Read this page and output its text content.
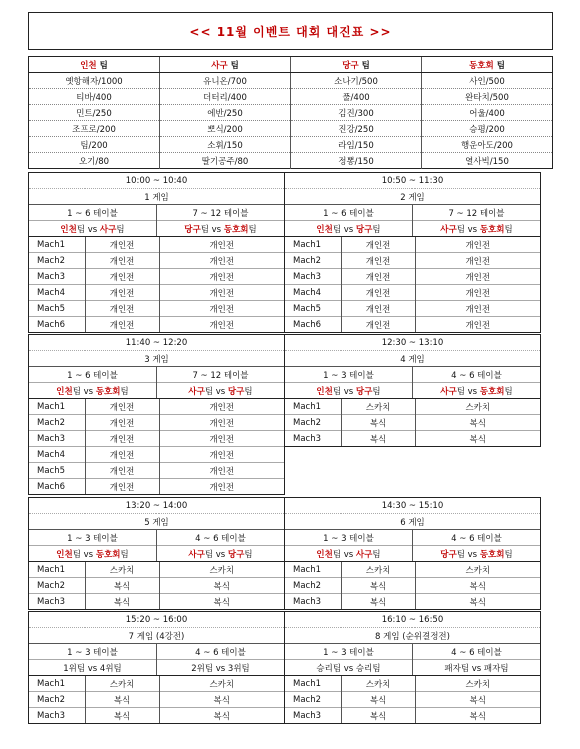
<< 11월 이벤트 대회 대진표 >>
인천 팀	사구 팀	당구 팀	동호회 팀
옛항해자/1000	유니온/700	소나기/500	사인/500
티바/400	더터리/400	풀/400	완타치/500
민트/250	에반/250	김진/300	어울/400
조프로/200	뽀식/200	진강/250	승평/200
팀/200	소휘/150	라임/150	행운아도/200
오기/80	딸기공주/80	정뽕/150	열사빅/150
10:00 ~ 10:40			
1 게임			
1 ~ 6 테이블		7 ~ 12 테이블	
인천팀 vs 사구팀		당구팀 vs 동호회팀	
Mach1	개인전		개인전
Mach2	개인전		개인전
Mach3	개인전		개인전
Mach4	개인전		개인전
Mach5	개인전		개인전
Mach6	개인전		개인전
10:50 ~ 11:30			
2 게임			
1 ~ 6 테이블		7 ~ 12 테이블	
인천팀 vs 당구팀		사구팀 vs 동호회팀	
Mach1	개인전		개인전
Mach2	개인전		개인전
Mach3	개인전		개인전
Mach4	개인전		개인전
Mach5	개인전		개인전
Mach6	개인전		개인전
11:40 ~ 12:20			
3 게임			
1 ~ 6 테이블		7 ~ 12 테이블	
인천팀 vs 동호회팀		사구팀 vs 당구팀	
Mach1	개인전		개인전
Mach2	개인전		개인전
Mach3	개인전		개인전
Mach4	개인전		개인전
Mach5	개인전		개인전
Mach6	개인전		개인전
12:30 ~ 13:10			
4 게임			
1 ~ 3 테이블		4 ~ 6 테이블	
인천팀 vs 당구팀		사구팀 vs 동호회팀	
Mach1	스카치		스카치
Mach2	복식		복식
Mach3	복식		복식
13:20 ~ 14:00			
5 게임			
1 ~ 3 테이블		4 ~ 6 테이블	
인천팀 vs 동호회팀		사구팀 vs 당구팀	
Mach1	스카치		스카치
Mach2	복식		복식
Mach3	복식		복식
14:30 ~ 15:10			
6 게임			
1 ~ 3 테이블		4 ~ 6 테이블	
인천팀 vs 사구팀		당구팀 vs 동호회팀	
Mach1	스카치		스카치
Mach2	복식		복식
Mach3	복식		복식
15:20 ~ 16:00			
7 게임 (4강전)			
1 ~ 3 테이블		4 ~ 6 테이블	
1위팀 vs 4위팀		2위팀 vs 3위팀	
Mach1	스카치		스카치
Mach2	복식		복식
Mach3	복식		복식
16:10 ~ 16:50			
8 게임 (순위결정전)			
1 ~ 3 테이블		4 ~ 6 테이블	
승리팀 vs 승리팀		패자팀 vs 패자팀	
Mach1	스카치		스카치
Mach2	복식		복식
Mach3	복식		복식
